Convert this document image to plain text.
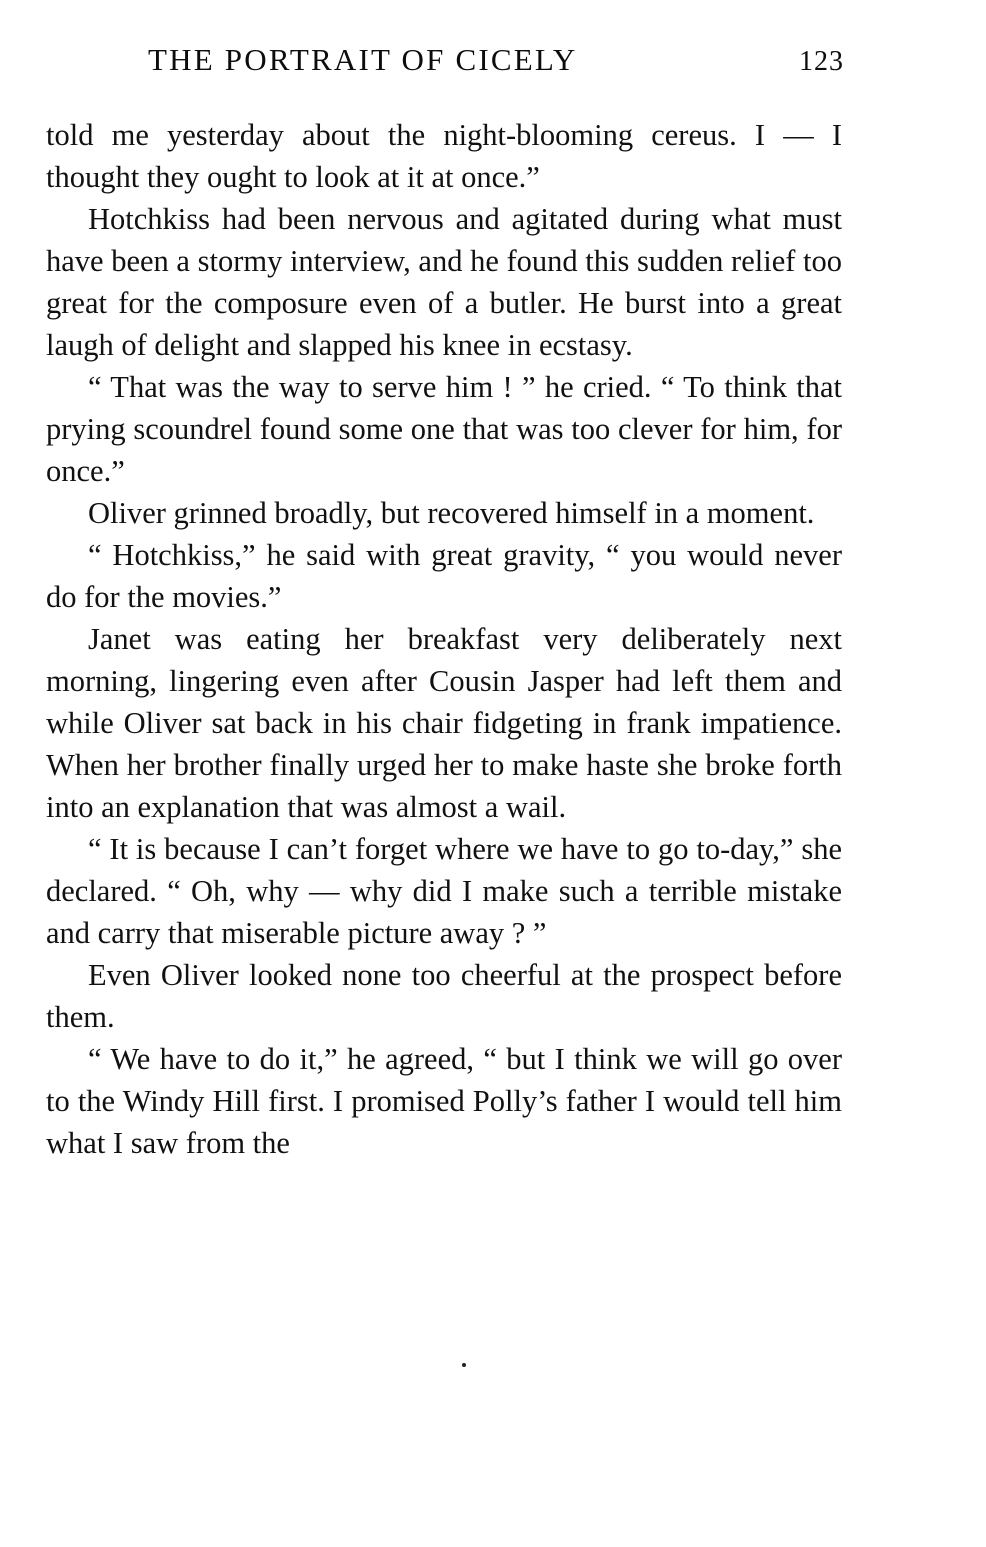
THE PORTRAIT OF CICELY	123

told me yesterday about the night-blooming cereus. I — I thought they ought to look at it at once.”

Hotchkiss had been nervous and agitated during what must have been a stormy interview, and he found this sudden relief too great for the composure even of a butler. He burst into a great laugh of delight and slapped his knee in ecstasy.

“ That was the way to serve him ! ” he cried. “ To think that prying scoundrel found some one that was too clever for him, for once.”

Oliver grinned broadly, but recovered himself in a moment.

“ Hotchkiss,” he said with great gravity, “ you would never do for the movies.”

Janet was eating her breakfast very deliberately next morning, lingering even after Cousin Jasper had left them and while Oliver sat back in his chair fidgeting in frank impatience. When her brother finally urged her to make haste she broke forth into an explanation that was almost a wail.

“ It is because I can’t forget where we have to go to-day,” she declared. “ Oh, why — why did I make such a terrible mistake and carry that miserable picture away ? ”

Even Oliver looked none too cheerful at the prospect before them.

“ We have to do it,” he agreed, “ but I think we will go over to the Windy Hill first. I promised Polly’s father I would tell him what I saw from the
